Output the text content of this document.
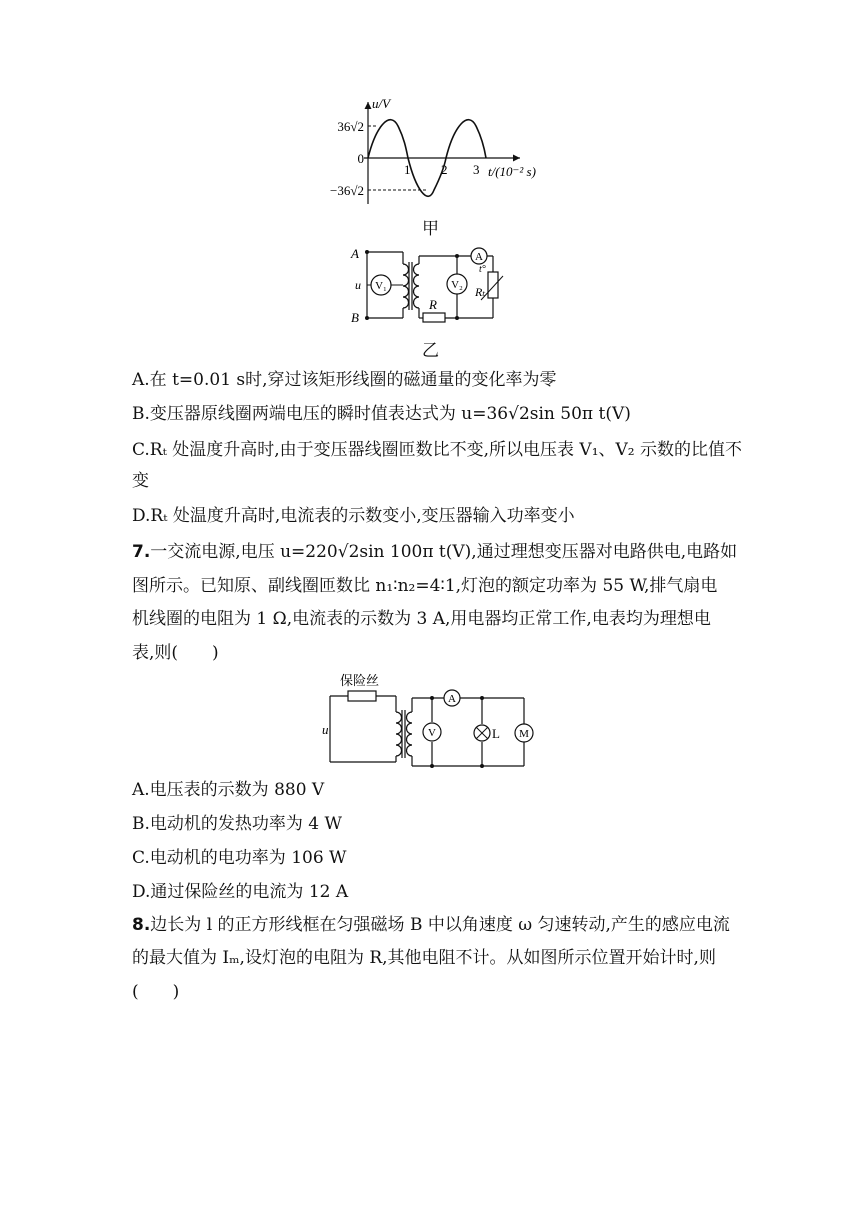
u/V
t/(10⁻² s)
36√2
0
−36√2
1 2 3
甲
A
B
u V₁	V₂
A
R
Rₜ
t°
乙
A.在 t=0.01 s时,穿过该矩形线圈的磁通量的变化率为零
B.变压器原线圈两端电压的瞬时值表达式为 u=36√2sin 50π t(V)
C.Rₜ 处温度升高时,由于变压器线圈匝数比不变,所以电压表 V₁、V₂ 示数的比值不
变
D.Rₜ 处温度升高时,电流表的示数变小,变压器输入功率变小
7.一交流电源,电压 u=220√2sin 100π t(V),通过理想变压器对电路供电,电路如
图所示。已知原、副线圈匝数比 n₁∶n₂=4∶1,灯泡的额定功率为 55 W,排气扇电
机线圈的电阻为 1 Ω,电流表的示数为 3 A,用电器均正常工作,电表均为理想电
表,则(　　)
保险丝
u	V
A
L M
A.电压表的示数为 880 V
B.电动机的发热功率为 4 W
C.电动机的电功率为 106 W
D.通过保险丝的电流为 12 A
8.边长为 l 的正方形线框在匀强磁场 B 中以角速度 ω 匀速转动,产生的感应电流
的最大值为 Iₘ,设灯泡的电阻为 R,其他电阻不计。从如图所示位置开始计时,则
(　　)
